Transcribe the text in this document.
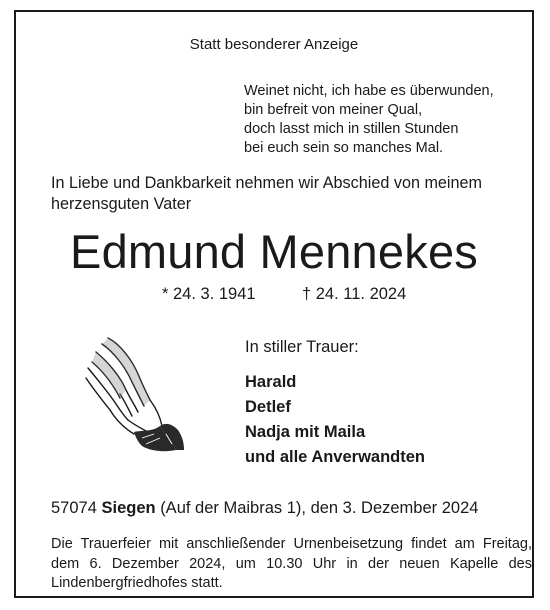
Statt besonderer Anzeige
Weinet nicht, ich habe es überwunden,
bin befreit von meiner Qual,
doch lasst mich in stillen Stunden
bei euch sein so manches Mal.
In Liebe und Dankbarkeit nehmen wir Abschied von meinem
herzensguten Vater
Edmund Mennekes
* 24. 3. 1941	† 24. 11. 2024
In stiller Trauer:
Harald
Detlef
Nadja mit Maila
und alle Anverwandten
57074 Siegen (Auf der Maibras 1), den 3. Dezember 2024
Die Trauerfeier mit anschließender Urnenbeisetzung findet am Freitag, dem 6. Dezember 2024, um 10.30 Uhr in der neuen Kapelle des Lindenbergfriedhofes statt.
